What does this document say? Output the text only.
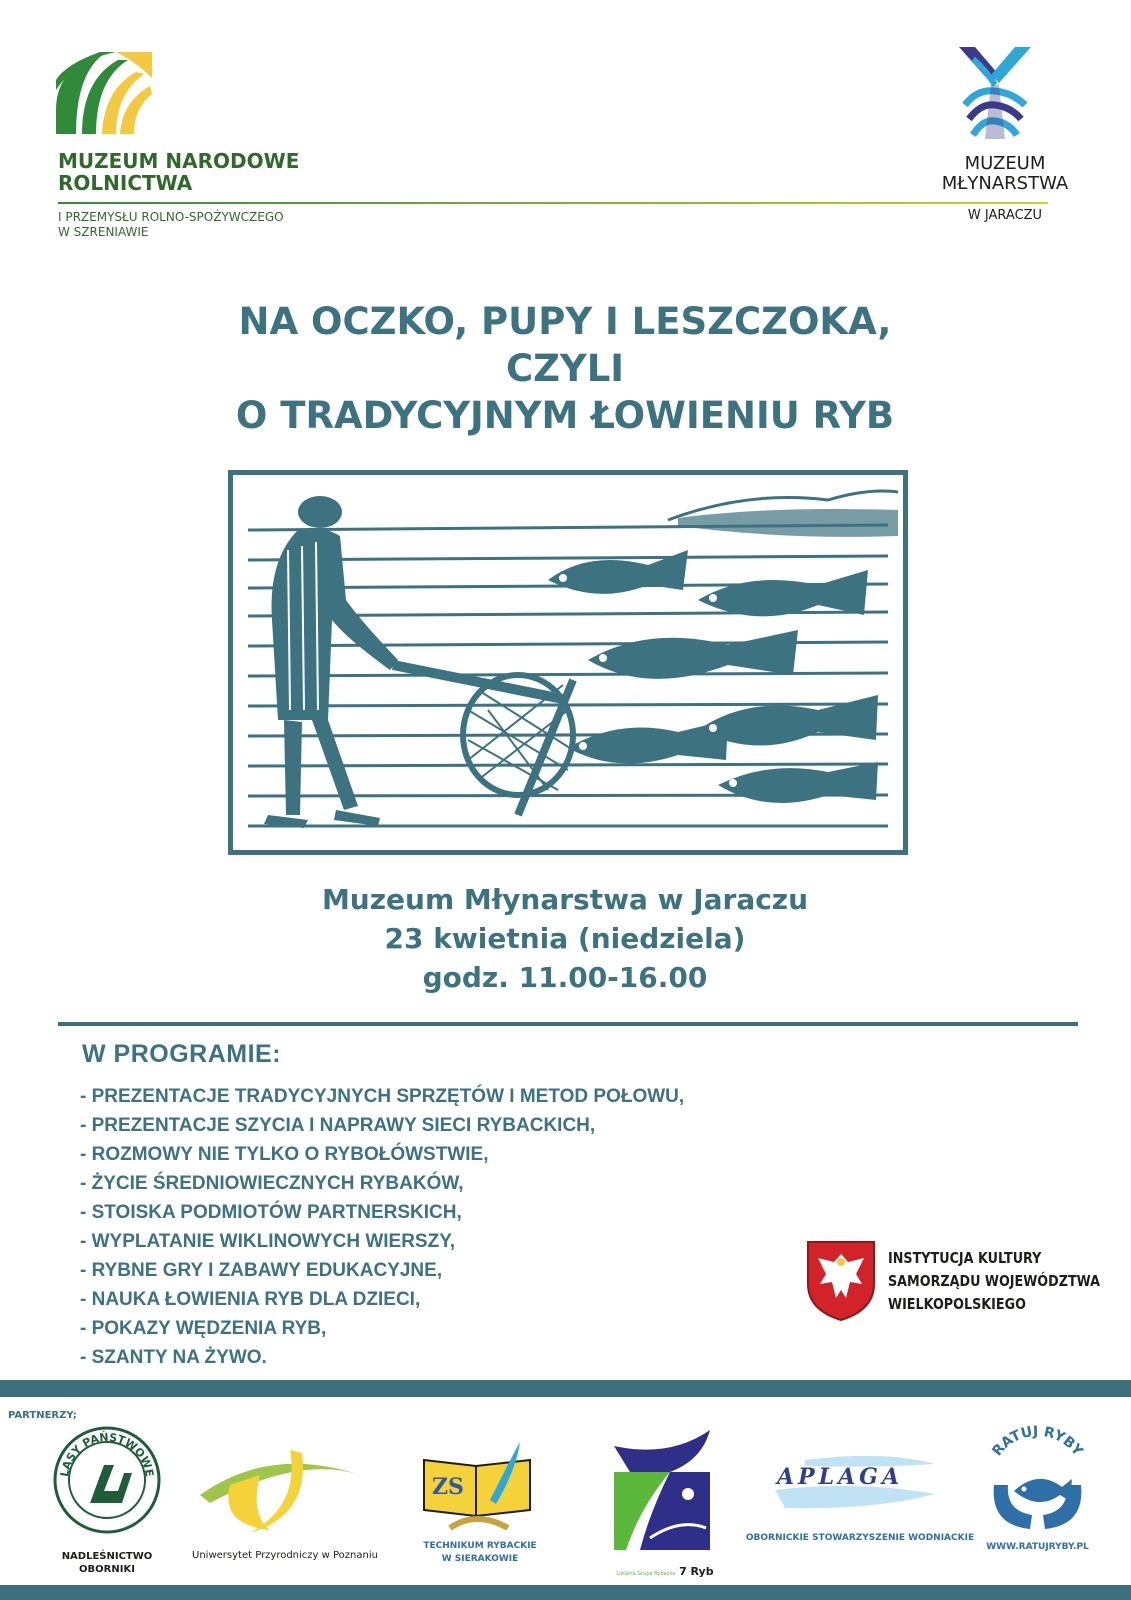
MUZEUM NARODOWE
ROLNICTWA
I PRZEMYSŁU ROLNO-SPOŻYWCZEGO
W SZRENIAWIE
MUZEUM
MŁYNARSTWA
W JARACZU
NA OCZKO, PUPY I LESZCZOKA,
CZYLI
O TRADYCYJNYM ŁOWIENIU RYB
Muzeum Młynarstwa w Jaraczu
23 kwietnia (niedziela)
godz. 11.00-16.00
W PROGRAMIE:
- PREZENTACJE TRADYCYJNYCH SPRZĘTÓW I METOD POŁOWU,
- PREZENTACJE SZYCIA I NAPRAWY SIECI RYBACKICH,
- ROZMOWY NIE TYLKO O RYBOŁÓWSTWIE,
- ŻYCIE ŚREDNIOWIECZNYCH RYBAKÓW,
- STOISKA PODMIOTÓW PARTNERSKICH,
- WYPLATANIE WIKLINOWYCH WIERSZY,
- RYBNE GRY I ZABAWY EDUKACYJNE,
- NAUKA ŁOWIENIA RYB DLA DZIECI,
- POKAZY WĘDZENIA RYB,
- SZANTY NA ŻYWO.
INSTYTUCJA KULTURY
SAMORZĄDU WOJEWÓDZTWA
WIELKOPOLSKIEGO
PARTNERZY;
LASY PAŃSTWOWE
NADLEŚNICTWO
OBORNIKI
Uniwersytet Przyrodniczy w Poznaniu
ZS
TECHNIKUM RYBACKIE
W SIERAKOWIE
Lokalna Grupa Rybacka 7 Ryb
APLAGA
OBORNICKIE STOWARZYSZENIE WODNIACKIE
RATUJ RYBY
WWW.RATUJRYBY.PL
